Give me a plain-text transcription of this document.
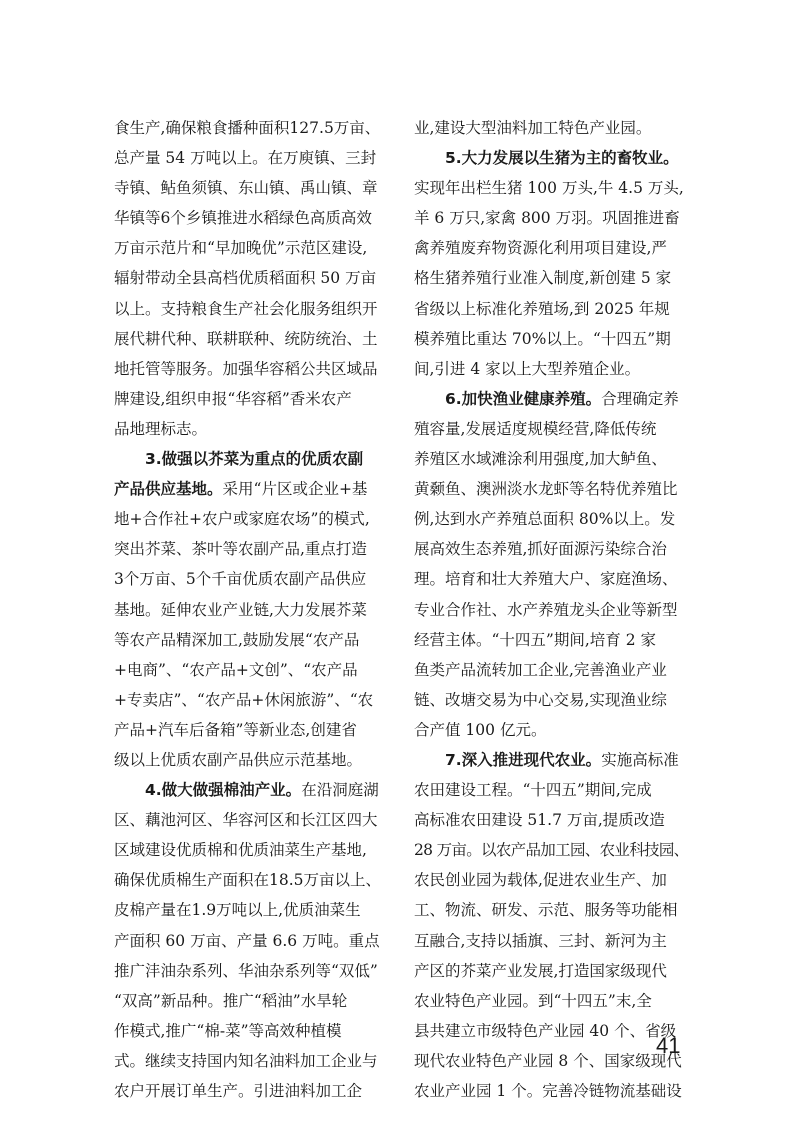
食生产,确保粮食播种面积127.5万亩、
总产量 54 万吨以上。在万庾镇、三封
寺镇、鲇鱼须镇、东山镇、禹山镇、章
华镇等6个乡镇推进水稻绿色高质高效
万亩示范片和“早加晚优”示范区建设,
辐射带动全县高档优质稻面积 50 万亩
以上。支持粮食生产社会化服务组织开
展代耕代种、联耕联种、统防统治、土
地托管等服务。加强华容稻公共区域品
牌建设,组织申报“华容稻”香米农产
品地理标志。
3.做强以芥菜为重点的优质农副
产品供应基地。采用“片区或企业+基
地+合作社+农户或家庭农场”的模式,
突出芥菜、茶叶等农副产品,重点打造
3个万亩、5个千亩优质农副产品供应
基地。延伸农业产业链,大力发展芥菜
等农产品精深加工,鼓励发展“农产品
+电商”、“农产品+文创”、“农产品
+专卖店”、“农产品+休闲旅游”、“农
产品+汽车后备箱”等新业态,创建省
级以上优质农副产品供应示范基地。
4.做大做强棉油产业。在沿洞庭湖
区、藕池河区、华容河区和长江区四大
区域建设优质棉和优质油菜生产基地,
确保优质棉生产面积在18.5万亩以上、
皮棉产量在1.9万吨以上,优质油菜生
产面积 60 万亩、产量 6.6 万吨。重点
推广沣油杂系列、华油杂系列等“双低”
“双高”新品种。推广“稻油”水旱轮
作模式,推广“棉-菜”等高效种植模
式。继续支持国内知名油料加工企业与
农户开展订单生产。引进油料加工企
业,建设大型油料加工特色产业园。
5.大力发展以生猪为主的畜牧业。
实现年出栏生猪 100 万头,牛 4.5 万头,
羊 6 万只,家禽 800 万羽。巩固推进畜
禽养殖废弃物资源化利用项目建设,严
格生猪养殖行业准入制度,新创建 5 家
省级以上标准化养殖场,到 2025 年规
模养殖比重达 70%以上。“十四五”期
间,引进 4 家以上大型养殖企业。
6.加快渔业健康养殖。合理确定养
殖容量,发展适度规模经营,降低传统
养殖区水域滩涂利用强度,加大鲈鱼、
黄颡鱼、澳洲淡水龙虾等名特优养殖比
例,达到水产养殖总面积 80%以上。发
展高效生态养殖,抓好面源污染综合治
理。培育和壮大养殖大户、家庭渔场、
专业合作社、水产养殖龙头企业等新型
经营主体。“十四五”期间,培育 2 家
鱼类产品流转加工企业,完善渔业产业
链、改塘交易为中心交易,实现渔业综
合产值 100 亿元。
7.深入推进现代农业。实施高标准
农田建设工程。“十四五”期间,完成
高标准农田建设 51.7 万亩,提质改造
28 万亩。以农产品加工园、农业科技园、
农民创业园为载体,促进农业生产、加
工、物流、研发、示范、服务等功能相
互融合,支持以插旗、三封、新河为主
产区的芥菜产业发展,打造国家级现代
农业特色产业园。到“十四五”末,全
县共建立市级特色产业园 40 个、省级
现代农业特色产业园 8 个、国家级现代
农业产业园 1 个。完善冷链物流基础设
41
